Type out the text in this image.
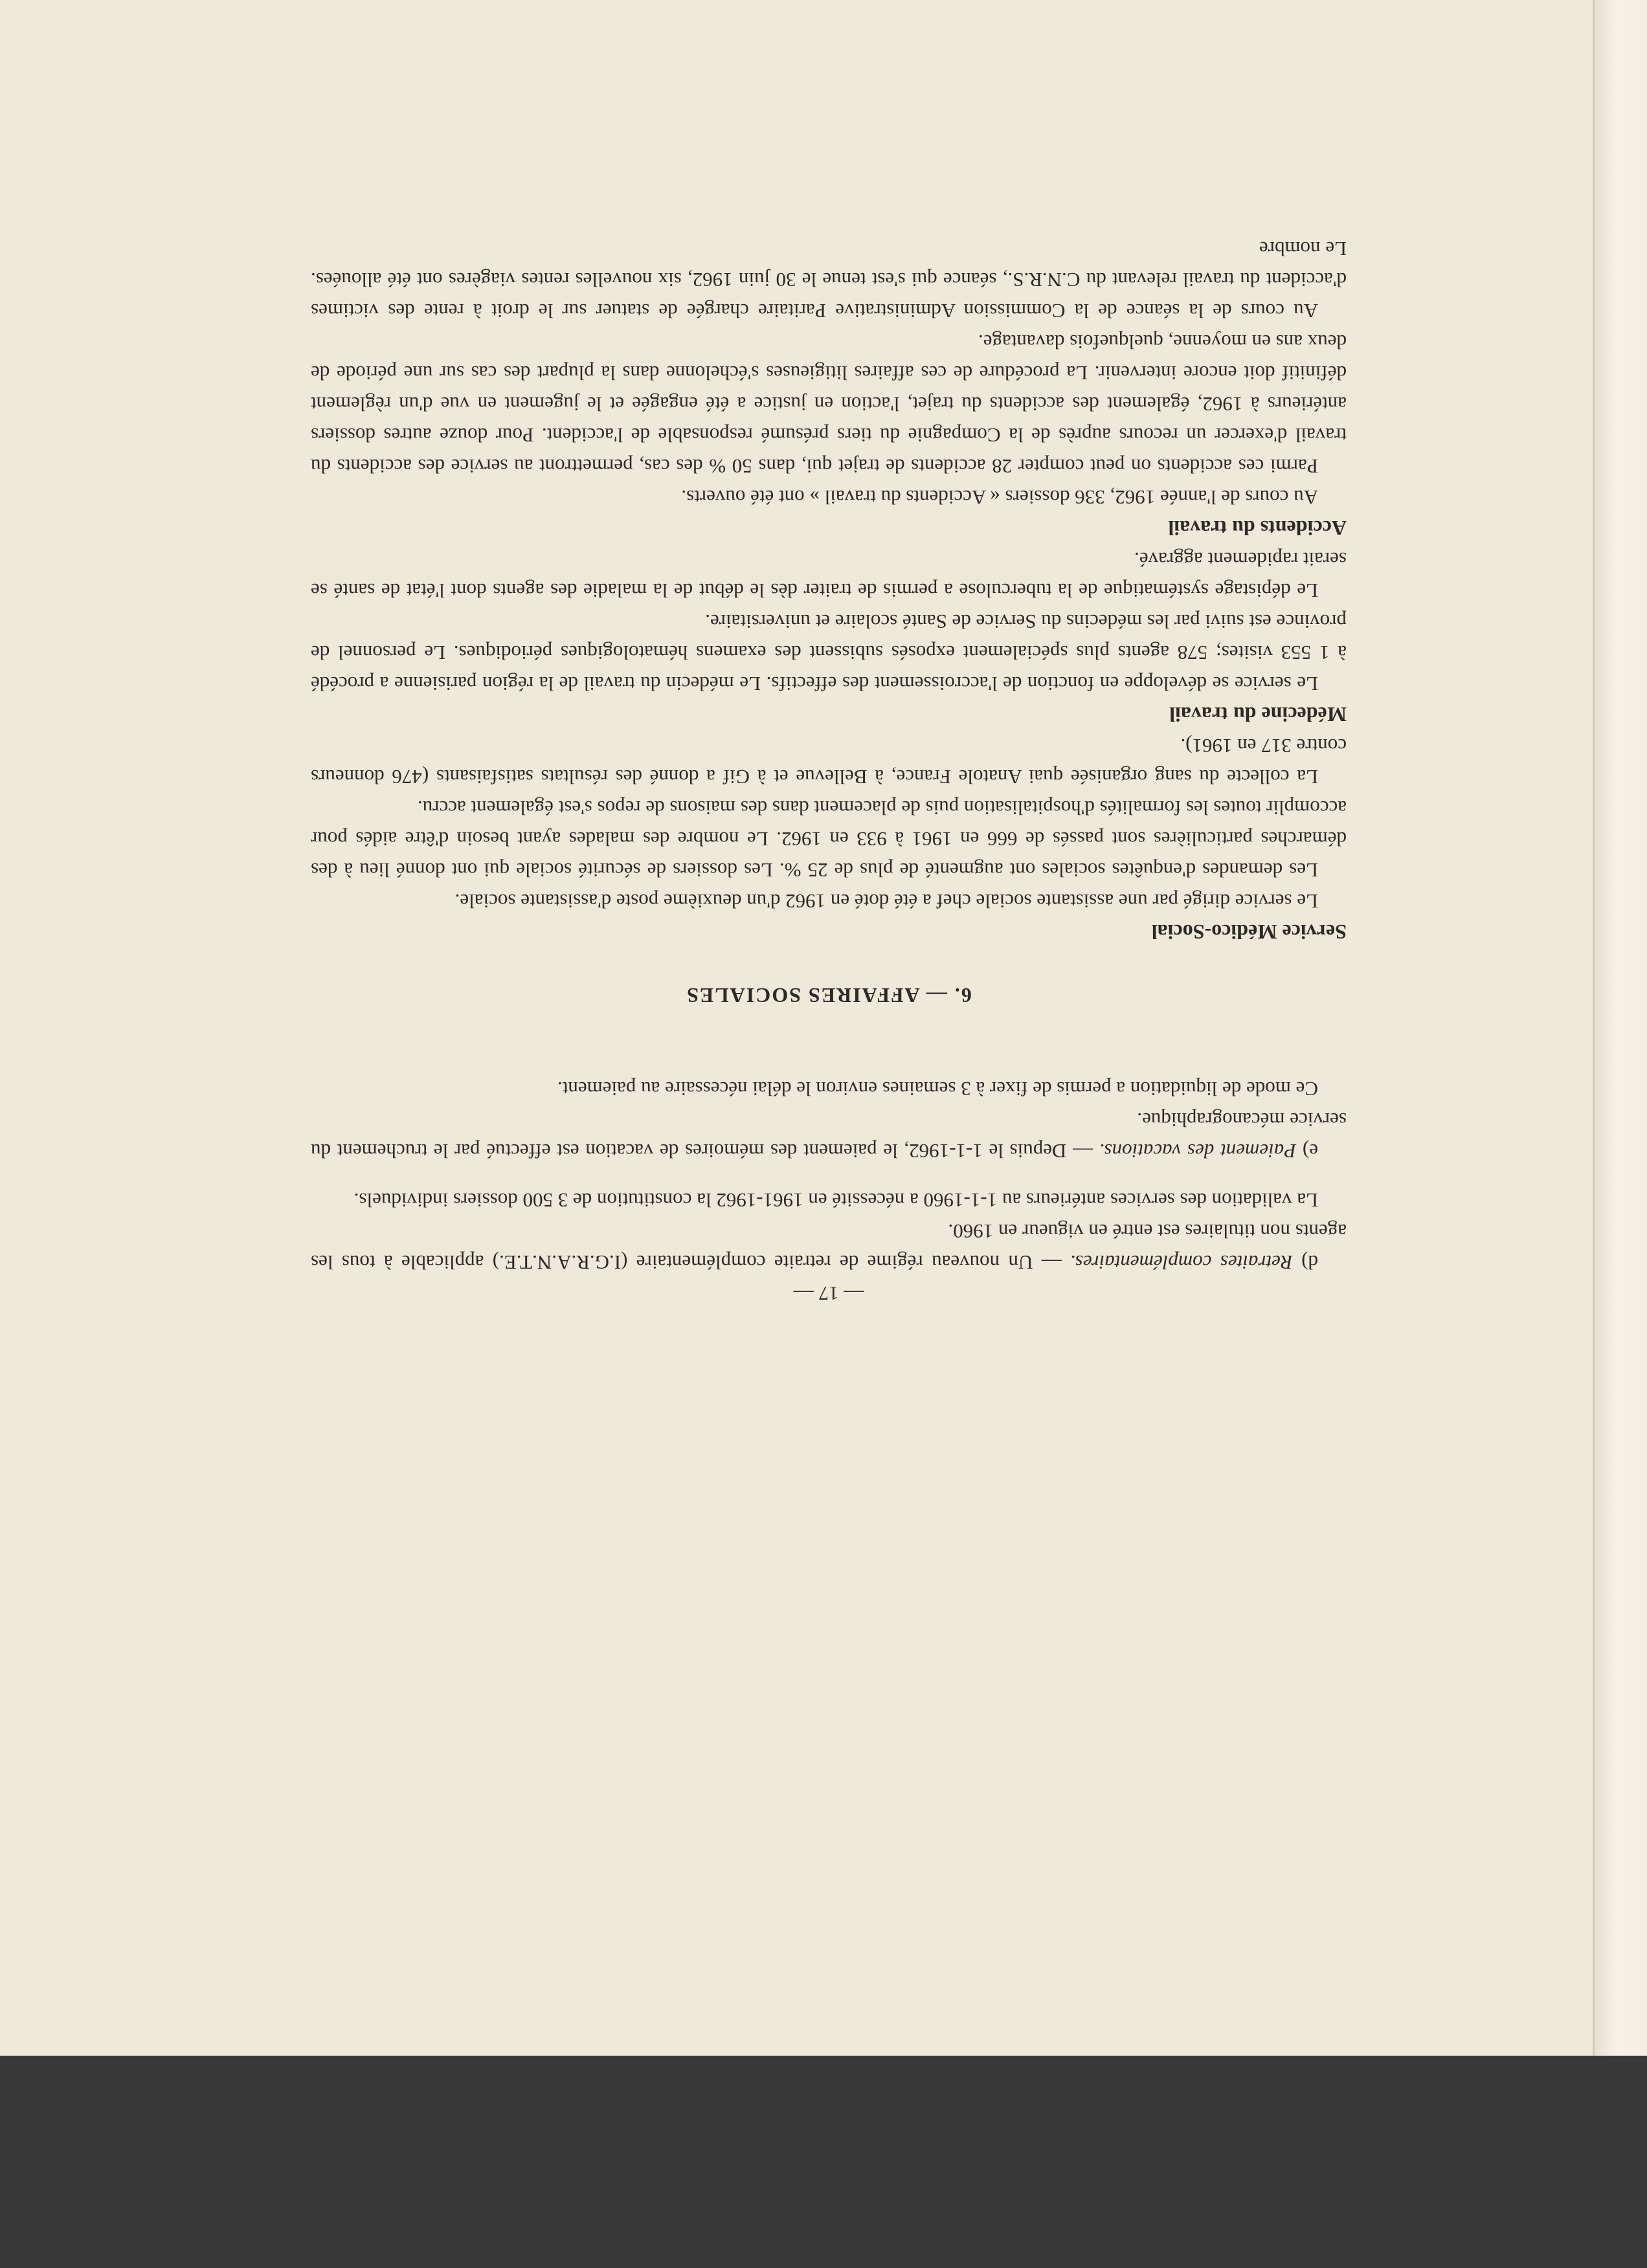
— 17 —

d) Retraites complémentaires. — Un nouveau régime de retraite complémentaire (I.G.R.A.N.T.E.) applicable à tous les agents non titulaires est entré en vigueur en 1960.

La validation des services antérieurs au 1-1-1960 a nécessité en 1961-1962 la constitution de 3 500 dossiers individuels.

e) Paiement des vacations. — Depuis le 1-1-1962, le paiement des mémoires de vacation est effectué par le truchement du service mécanographique.

Ce mode de liquidation a permis de fixer à 3 semaines environ le délai nécessaire au paiement.

6. — AFFAIRES SOCIALES

Service Médico-Social

Le service dirigé par une assistante sociale chef a été doté en 1962 d'un deuxième poste d'assistante sociale.

Les demandes d'enquêtes sociales ont augmenté de plus de 25 %. Les dossiers de sécurité sociale qui ont donné lieu à des démarches particulières sont passés de 666 en 1961 à 933 en 1962. Le nombre des malades ayant besoin d'être aidés pour accomplir toutes les formalités d'hospitalisation puis de placement dans des maisons de repos s'est également accru.

La collecte du sang organisée quai Anatole France, à Bellevue et à Gif a donné des résultats satisfaisants (476 donneurs contre 317 en 1961).

Médecine du travail

Le service se développe en fonction de l'accroissement des effectifs. Le médecin du travail de la région parisienne a procédé à 1 553 visites; 578 agents plus spécialement exposés subissent des examens hématologiques périodiques. Le personnel de province est suivi par les médecins du Service de Santé scolaire et universitaire.

Le dépistage systématique de la tuberculose a permis de traiter dès le début de la maladie des agents dont l'état de santé se serait rapidement aggravé.

Accidents du travail

Au cours de l'année 1962, 336 dossiers « Accidents du travail » ont été ouverts.

Parmi ces accidents on peut compter 28 accidents de trajet qui, dans 50 % des cas, permettront au service des accidents du travail d'exercer un recours auprès de la Compagnie du tiers présumé responsable de l'accident. Pour douze autres dossiers antérieurs à 1962, également des accidents du trajet, l'action en justice a été engagée et le jugement en vue d'un règlement définitif doit encore intervenir. La procédure de ces affaires litigieuses s'échelonne dans la plupart des cas sur une période de deux ans en moyenne, quelquefois davantage.

Au cours de la séance de la Commission Administrative Paritaire chargée de statuer sur le droit à rente des victimes d'accident du travail relevant du C.N.R.S., séance qui s'est tenue le 30 juin 1962, six nouvelles rentes viagères ont été allouées. Le nombre
